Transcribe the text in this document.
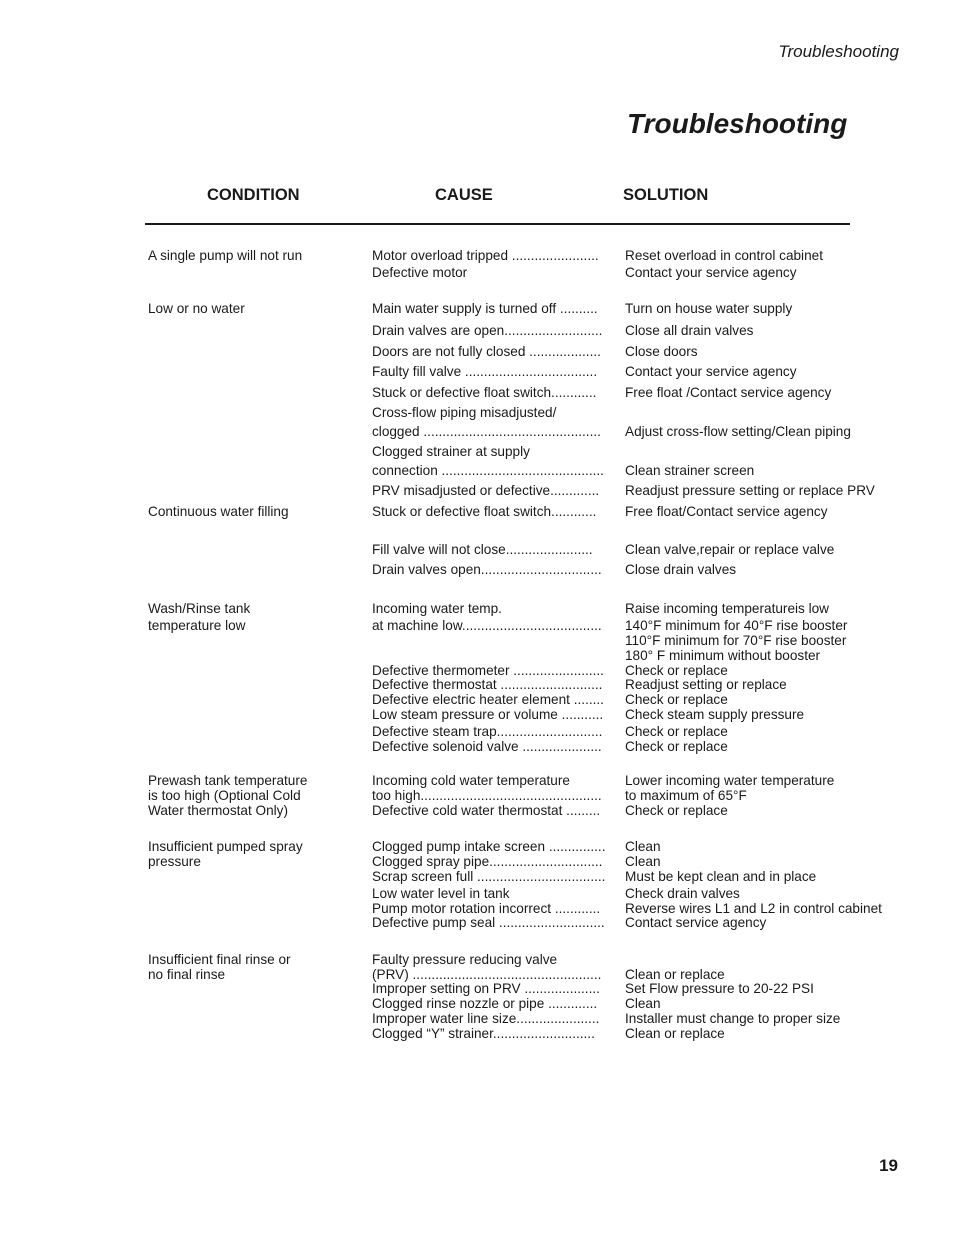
Troubleshooting
Troubleshooting
CONDITION	CAUSE	SOLUTION
A single pump will not run
Low or no water
Continuous water filling
Wash/Rinse tank
temperature low
Prewash tank temperature
is too high (Optional Cold
Water thermostat Only)
Insufficient pumped spray
pressure
Insufficient final rinse or
no final rinse
Motor overload tripped .......................
Defective motor
Main water supply is turned off ..........
Drain valves are open..........................
Doors are not fully closed ...................
Faulty fill valve ...................................
Stuck or defective float switch............
Cross-flow piping misadjusted/
clogged ...............................................
Clogged strainer at supply
connection ...........................................
PRV misadjusted or defective.............
Stuck or defective float switch............
Fill valve will not close.......................
Drain valves open................................
Incoming water temp.
at machine low.....................................
Defective thermometer ........................
Defective thermostat ...........................
Defective electric heater element ........
Low steam pressure or volume ...........
Defective steam trap............................
Defective solenoid valve .....................
Incoming cold water temperature
too high................................................
Defective cold water thermostat .........
Clogged pump intake screen ...............
Clogged spray pipe..............................
Scrap screen full ..................................
Low water level in tank
Pump motor rotation incorrect ............
Defective pump seal ............................
Faulty pressure reducing valve
(PRV) ..................................................
Improper setting on PRV ....................
Clogged rinse nozzle or pipe .............
Improper water line size......................
Clogged “Y” strainer...........................
Reset overload in control cabinet
Contact your service agency
Turn on house water supply
Close all drain valves
Close doors
Contact your service agency
Free float /Contact service agency
Adjust cross-flow setting/Clean piping
Clean strainer screen
Readjust pressure setting or replace PRV
Free float/Contact service agency
Clean valve,repair or replace valve
Close drain valves
Raise incoming temperatureis low
140°F minimum for 40°F rise booster
110°F minimum for 70°F rise booster
180° F minimum without booster
Check or replace
Readjust setting or replace
Check or replace
Check steam supply pressure
Check or replace
Check or replace
Lower incoming water temperature
to maximum of 65°F
Check or replace
Clean
Clean
Must be kept clean and in place
Check drain valves
Reverse wires L1 and L2 in control cabinet
Contact service agency
Clean or replace
Set Flow pressure to 20-22 PSI
Clean
Installer must change to proper size
Clean or replace
19
